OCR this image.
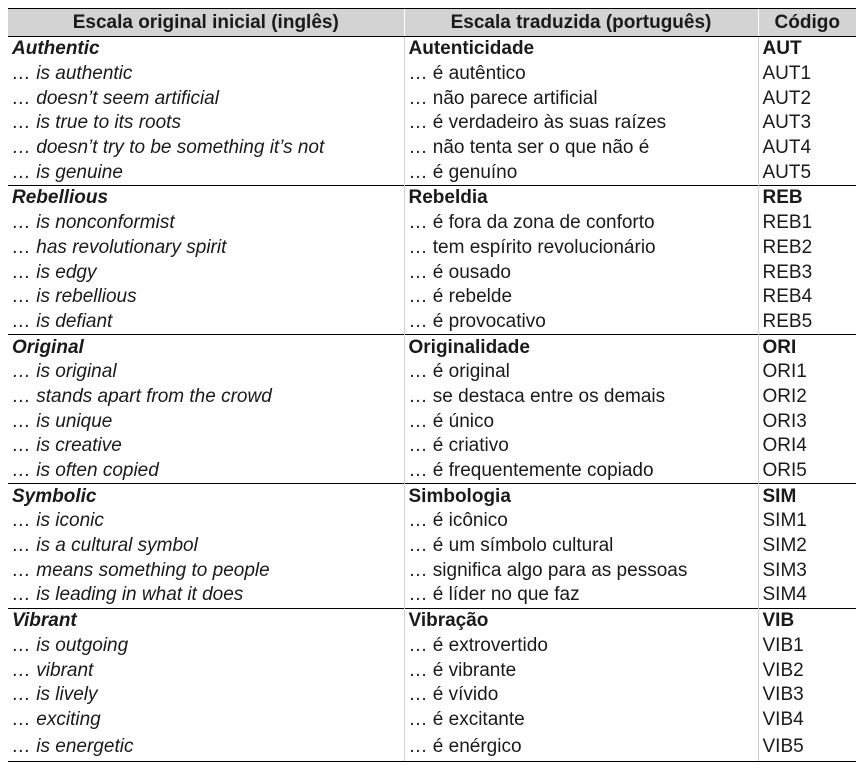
Escala original inicial (inglês)	Escala traduzida (português)	Código
Authentic	Autenticidade	AUT
… is authentic	… é autêntico	AUT1
… doesn’t seem artificial	… não parece artificial	AUT2
… is true to its roots	… é verdadeiro às suas raízes	AUT3
… doesn’t try to be something it’s not	… não tenta ser o que não é	AUT4
… is genuine	… é genuíno	AUT5
Rebellious	Rebeldia	REB
… is nonconformist	… é fora da zona de conforto	REB1
… has revolutionary spirit	… tem espírito revolucionário	REB2
… is edgy	… é ousado	REB3
… is rebellious	… é rebelde	REB4
… is defiant	… é provocativo	REB5
Original	Originalidade	ORI
… is original	… é original	ORI1
… stands apart from the crowd	… se destaca entre os demais	ORI2
… is unique	… é único	ORI3
… is creative	… é criativo	ORI4
… is often copied	… é frequentemente copiado	ORI5
Symbolic	Simbologia	SIM
… is iconic	… é icônico	SIM1
… is a cultural symbol	… é um símbolo cultural	SIM2
… means something to people	… significa algo para as pessoas	SIM3
… is leading in what it does	… é líder no que faz	SIM4
Vibrant	Vibração	VIB
… is outgoing	… é extrovertido	VIB1
… vibrant	… é vibrante	VIB2
… is lively	… é vívido	VIB3
… exciting	… é excitante	VIB4
… is energetic	… é enérgico	VIB5
